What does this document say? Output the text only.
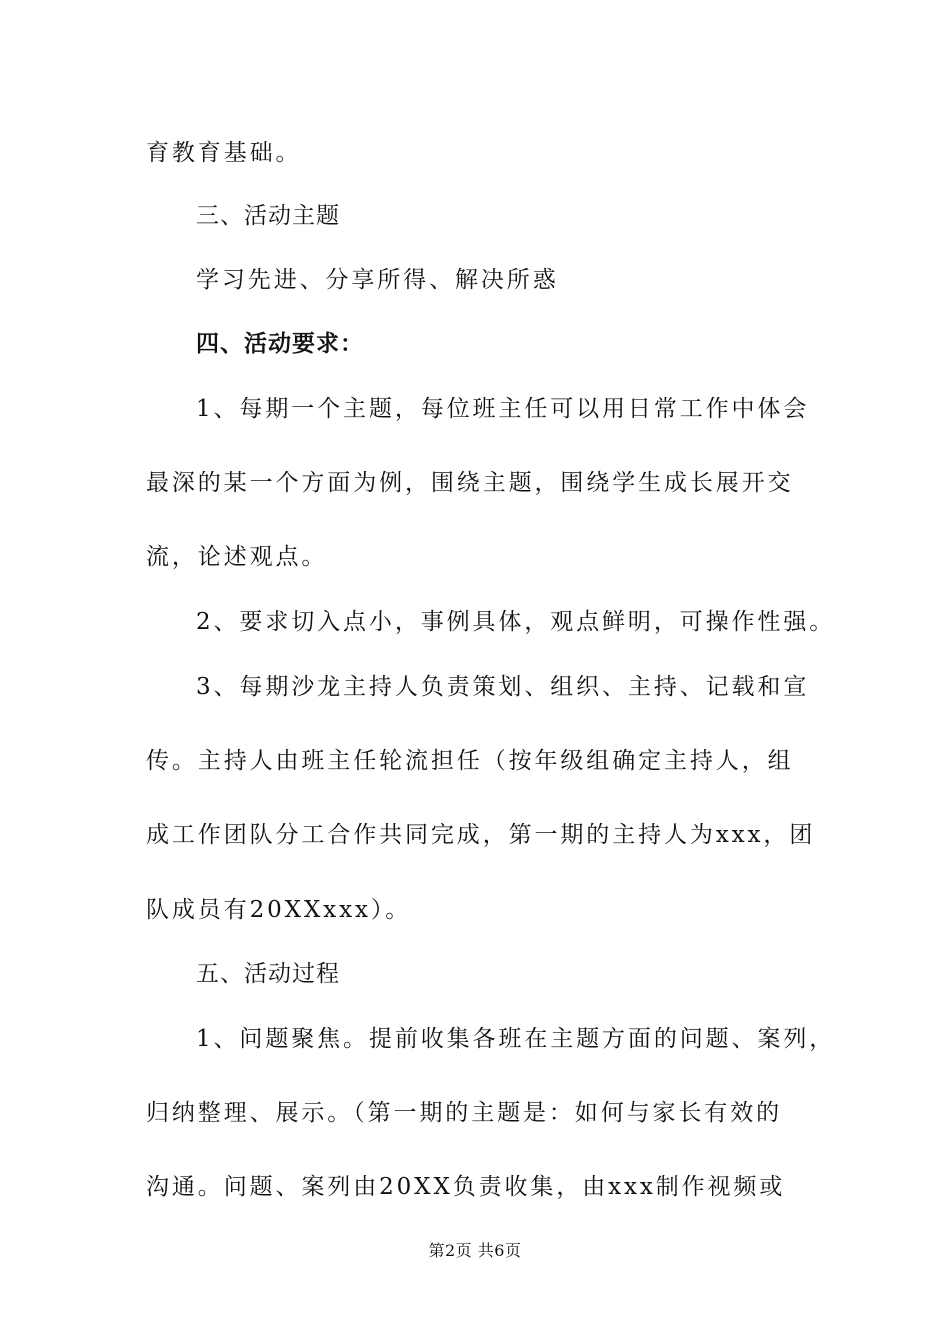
育教育基础。
三、活动主题
学习先进、分享所得、解决所惑
四、活动要求：
1、每期一个主题，每位班主任可以用日常工作中体会
最深的某一个方面为例，围绕主题，围绕学生成长展开交
流，论述观点。
2、要求切入点小，事例具体，观点鲜明，可操作性强。
3、每期沙龙主持人负责策划、组织、主持、记载和宣
传。主持人由班主任轮流担任（按年级组确定主持人，组
成工作团队分工合作共同完成，第一期的主持人为xxx，团
队成员有20XXxxx）。
五、活动过程
1、问题聚焦。提前收集各班在主题方面的问题、案列，
归纳整理、展示。（第一期的主题是：如何与家长有效的
沟通。问题、案列由20XX负责收集，由xxx制作视频或
第2页 共6页
